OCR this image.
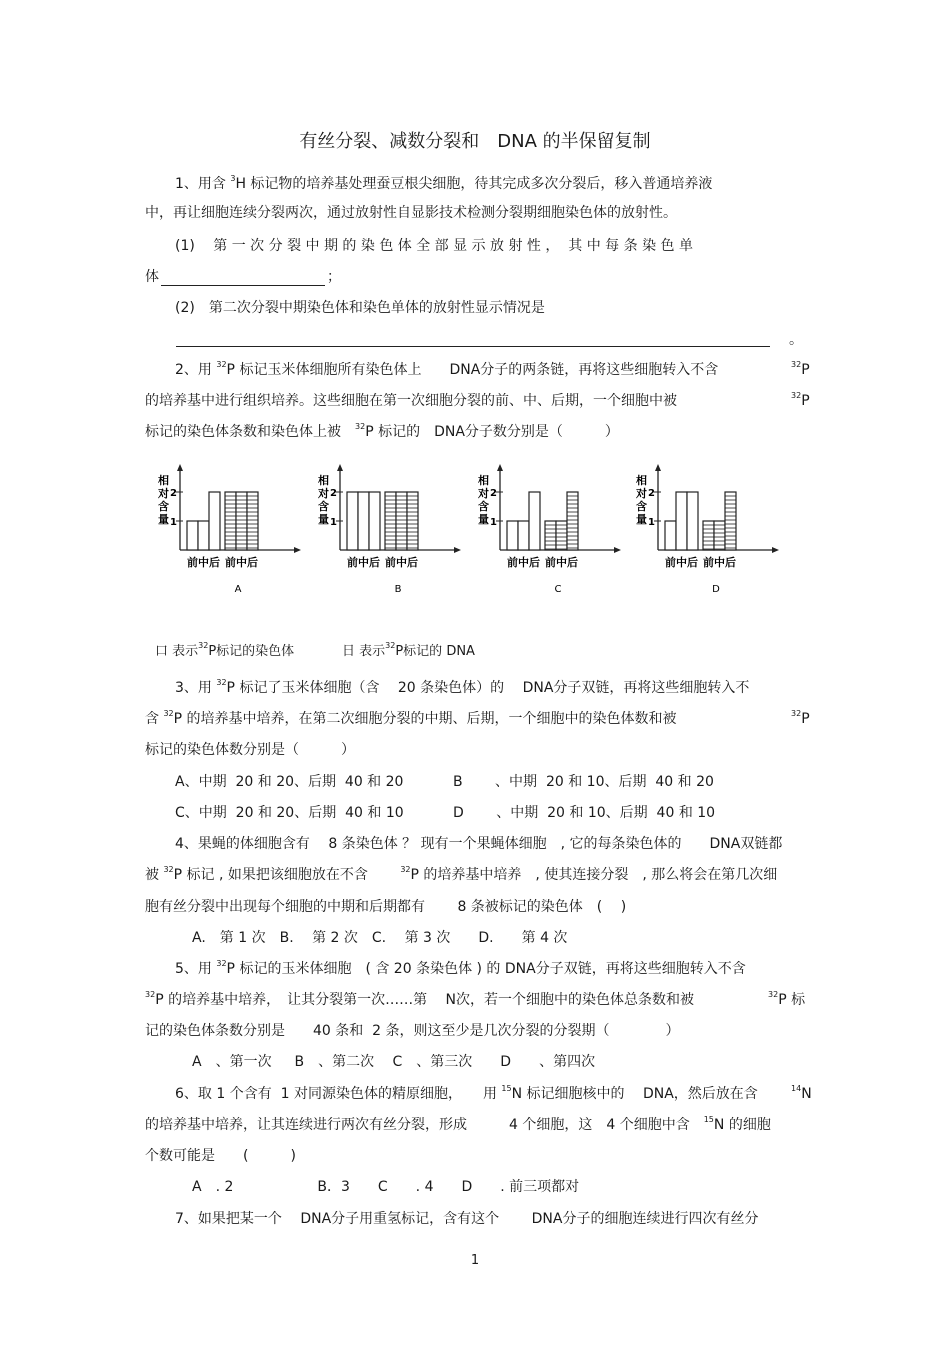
有丝分裂、减数分裂和　DNA 的半保留复制
1、用含 $^3$H 标记物的培养基处理蚕豆根尖细胞，待其完成多次分裂后，移入普通培养液
中，再让细胞连续分裂两次，通过放射性自显影技术检测分裂期细胞染色体的放射性。
(1)　 第 一 次 分 裂 中 期 的 染 色 体 全 部 显 示 放 射 性 ，  其 中 每 条 染 色 单
体	；
(2)　第二次分裂中期染色体和染色单体的放射性显示情况是
。
2、用 $^{32}$P 标记玉米体细胞所有染色体上　　DNA分子的两条链，再将这些细胞转入不含	$^{32}$P
的培养基中进行组织培养。这些细胞在第一次细胞分裂的前、中、后期，一个细胞中被	$^{32}$P
标记的染色体条数和染色体上被　$^{32}$P 标记的　DNA分子数分别是（　　　）
相
对
含
量
2
1
前 中 后 前 中 后
A
相
对
含
量
2
1
前 中 后 前 中 后
B
相
对
含
量
2
1
前 中 后 前 中 后
C
相
对
含
量
2
1
前 中 后 前 中 后
D
口 表示$^{32}$P标记的染色体	日 表示$^{32}$P标记的 DNA
3、用 $^{32}$P 标记了玉米体细胞（含　 20 条染色体）的　 DNA分子双链，再将这些细胞转入不
含 $^{32}$P 的培养基中培养，在第二次细胞分裂的中期、后期，一个细胞中的染色体数和被	$^{32}$P
标记的染色体数分别是（　　　）
A、中期  20 和 20、后期  40 和 20	B　　 、中期  20 和 10、后期  40 和 20
C、中期  20 和 20、后期  40 和 10	D　　 、中期  20 和 10、后期  40 和 10
4、果蝇的体细胞含有　 8 条染色体 ？ 现有一个果蝇体细胞　, 它的每条染色体的　　DNA双链都
被 $^{32}$P 标记 , 如果把该细胞放在不含　　 $^{32}$P 的培养基中培养　, 使其连接分裂　, 那么将会在第几次细
胞有丝分裂中出现每个细胞的中期和后期都有　　 8 条被标记的染色体　(　 )
A.　第 1 次　B.　 第 2 次　C.　 第 3 次　　D.　　第 4 次
5、用 $^{32}$P 标记的玉米体细胞　( 含 20 条染色体 ) 的 DNA分子双链，再将这些细胞转入不含
$^{32}$P 的培养基中培养，　让其分裂第一次……第　 N次，若一个细胞中的染色体总条数和被　　	$^{32}$P 标
记的染色体条数分别是　　40 条和  2 条，则这至少是几次分裂的分裂期（　　　　）
A　、第一次　  B　、第二次　 C　、第三次　　D　　、第四次
6、取 1 个含有  1 对同源染色体的精原细胞，　　用 $^{15}$N 标记细胞核中的　 DNA，然后放在含　 $^{14}$N
的培养基中培养，让其连续进行两次有丝分裂，形成　　　4 个细胞，这　4 个细胞中含　$^{15}$N 的细胞
个数可能是　　(　　　)
A　. 2　　　　　　B．3　　C　　. 4　　D　　. 前三项都对
7、如果把某一个　 DNA分子用重氢标记，含有这个　　 DNA分子的细胞连续进行四次有丝分
1
